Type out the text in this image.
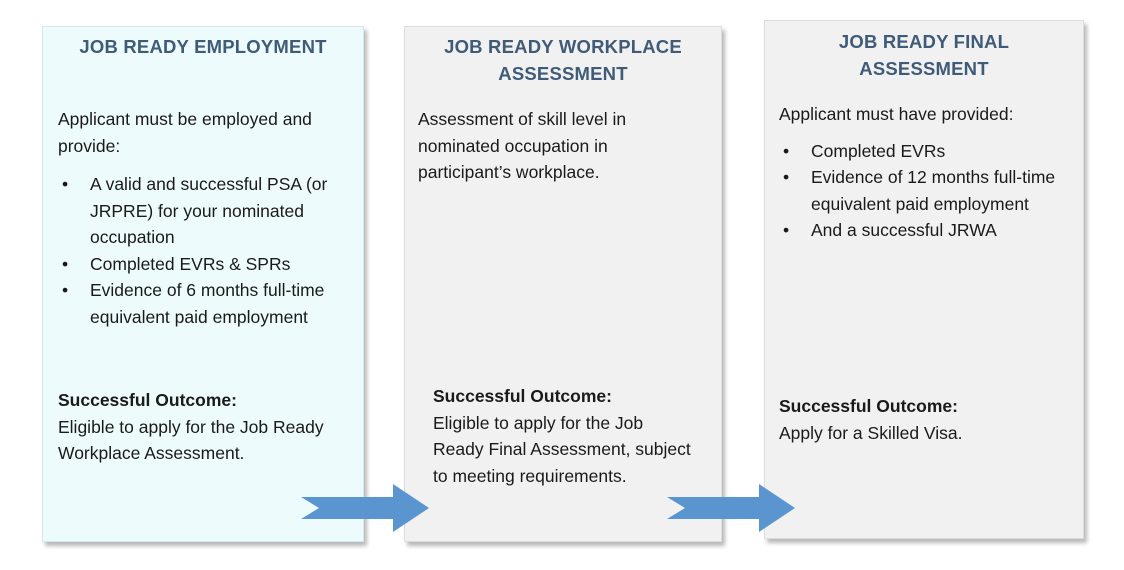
JOB READY EMPLOYMENT

Applicant must be employed and provide:

• A valid and successful PSA (or JRPRE) for your nominated occupation
• Completed EVRs & SPRs
• Evidence of 6 months full-time equivalent paid employment
Successful Outcome:
Eligible to apply for the Job Ready Workplace Assessment.
JOB READY WORKPLACE ASSESSMENT

Assessment of skill level in nominated occupation in participant’s workplace.

Successful Outcome:
Eligible to apply for the Job Ready Final Assessment, subject to meeting requirements.
JOB READY FINAL ASSESSMENT

Applicant must have provided:

• Completed EVRs
• Evidence of 12 months full-time equivalent paid employment
• And a successful JRWA
Successful Outcome:
Apply for a Skilled Visa.
